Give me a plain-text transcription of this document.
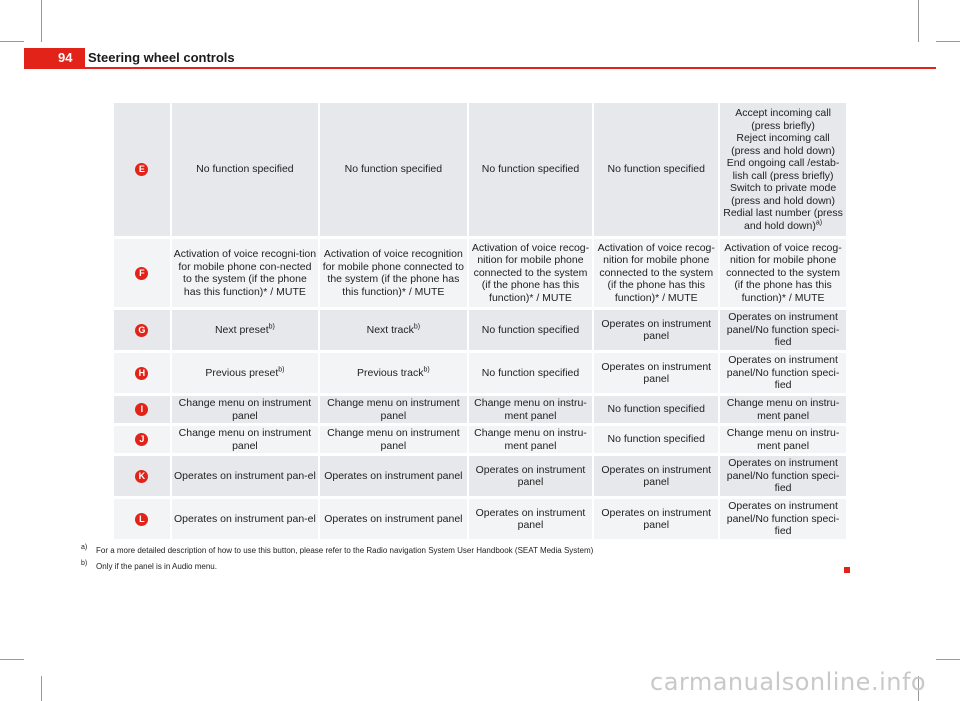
94	Steering wheel controls
E	No function specified	No function specified	No function specified	No function specified	Accept incoming call (press briefly)
Reject incoming call (press and hold down)
End ongoing call /estab-lish call (press briefly)
Switch to private mode (press and hold down)
Redial last number (press and hold down)$^{a)}$
F	Activation of voice recogni-tion for mobile phone con-nected to the system (if the phone has this function)* / MUTE	Activation of voice recognition for mobile phone connected to the system (if the phone has this function)* / MUTE	Activation of voice recog-nition for mobile phone connected to the system (if the phone has this function)* / MUTE	Activation of voice recog-nition for mobile phone connected to the system (if the phone has this function)* / MUTE	Activation of voice recog-nition for mobile phone connected to the system (if the phone has this function)* / MUTE
G	Next preset$^{b)}$	Next track$^{b)}$	No function specified	Operates on instrument panel	Operates on instrument panel/No function speci-fied
H	Previous preset$^{b)}$	Previous track$^{b)}$	No function specified	Operates on instrument panel	Operates on instrument panel/No function speci-fied
I	Change menu on instrument panel	Change menu on instrument panel	Change menu on instru-ment panel	No function specified	Change menu on instru-ment panel
J	Change menu on instrument panel	Change menu on instrument panel	Change menu on instru-ment panel	No function specified	Change menu on instru-ment panel
K	Operates on instrument pan-el	Operates on instrument panel	Operates on instrument panel	Operates on instrument panel	Operates on instrument panel/No function speci-fied
L	Operates on instrument pan-el	Operates on instrument panel	Operates on instrument panel	Operates on instrument panel	Operates on instrument panel/No function speci-fied
a) For a more detailed description of how to use this button, please refer to the Radio navigation System User Handbook (SEAT Media System)
b) Only if the panel is in Audio menu.
carmanualsonline.info
